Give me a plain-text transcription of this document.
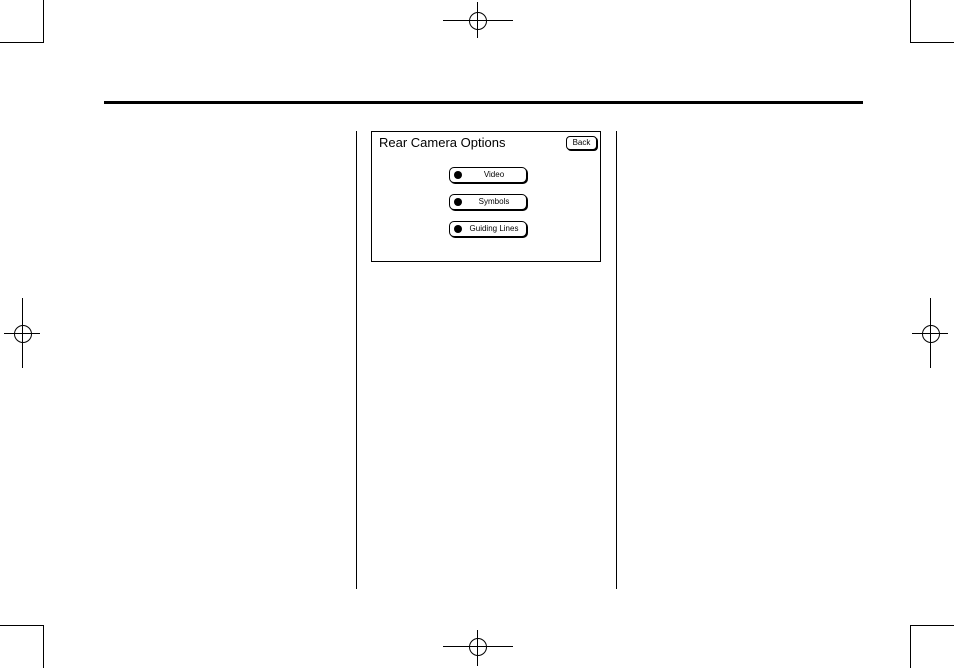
Rear Camera Options	Back
Video
Symbols
Guiding Lines
